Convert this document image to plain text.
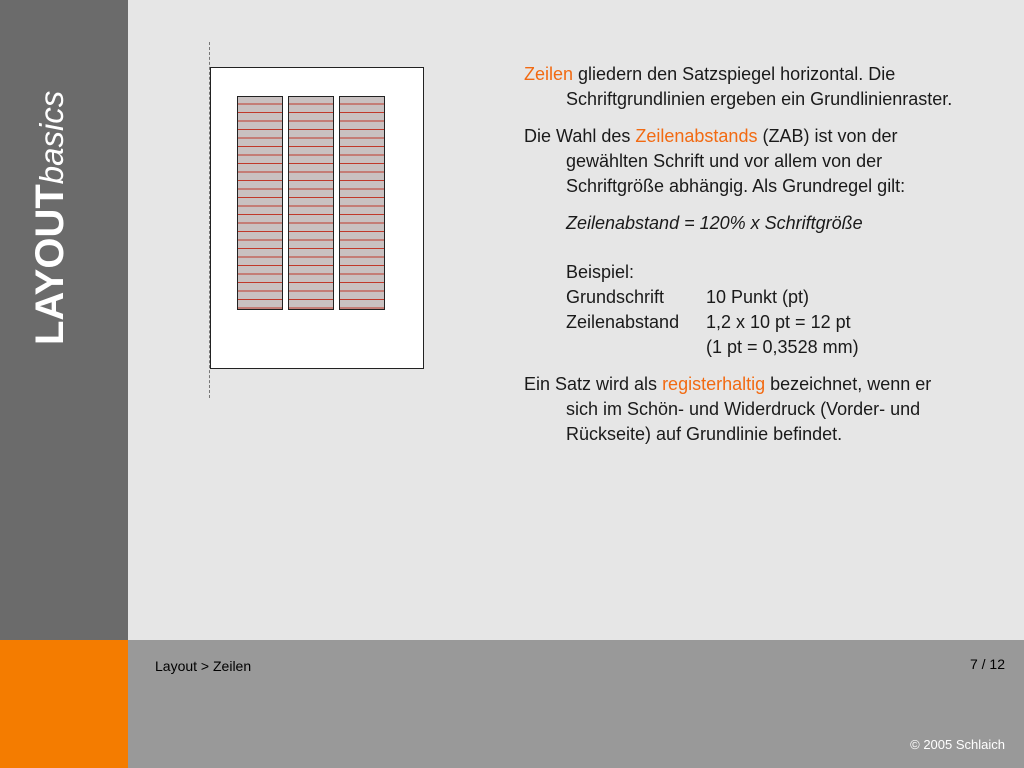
LAYOUTbasics

Zeilen gliedern den Satzspiegel horizontal. Die Schriftgrundlinien ergeben ein Grundlinienraster.

Die Wahl des Zeilenabstands (ZAB) ist von der gewählten Schrift und vor allem von der Schriftgröße abhängig. Als Grundregel gilt:
Zeilenabstand = 120% x Schriftgröße
Beispiel:
Grundschrift	10 Punkt (pt)
Zeilenabstand	1,2 x 10 pt = 12 pt
(1 pt = 0,3528 mm)

Ein Satz wird als registerhaltig bezeichnet, wenn er sich im Schön- und Widerdruck (Vorder- und Rückseite) auf Grundlinie befindet.

Layout > Zeilen	7 / 12
© 2005 Schlaich
